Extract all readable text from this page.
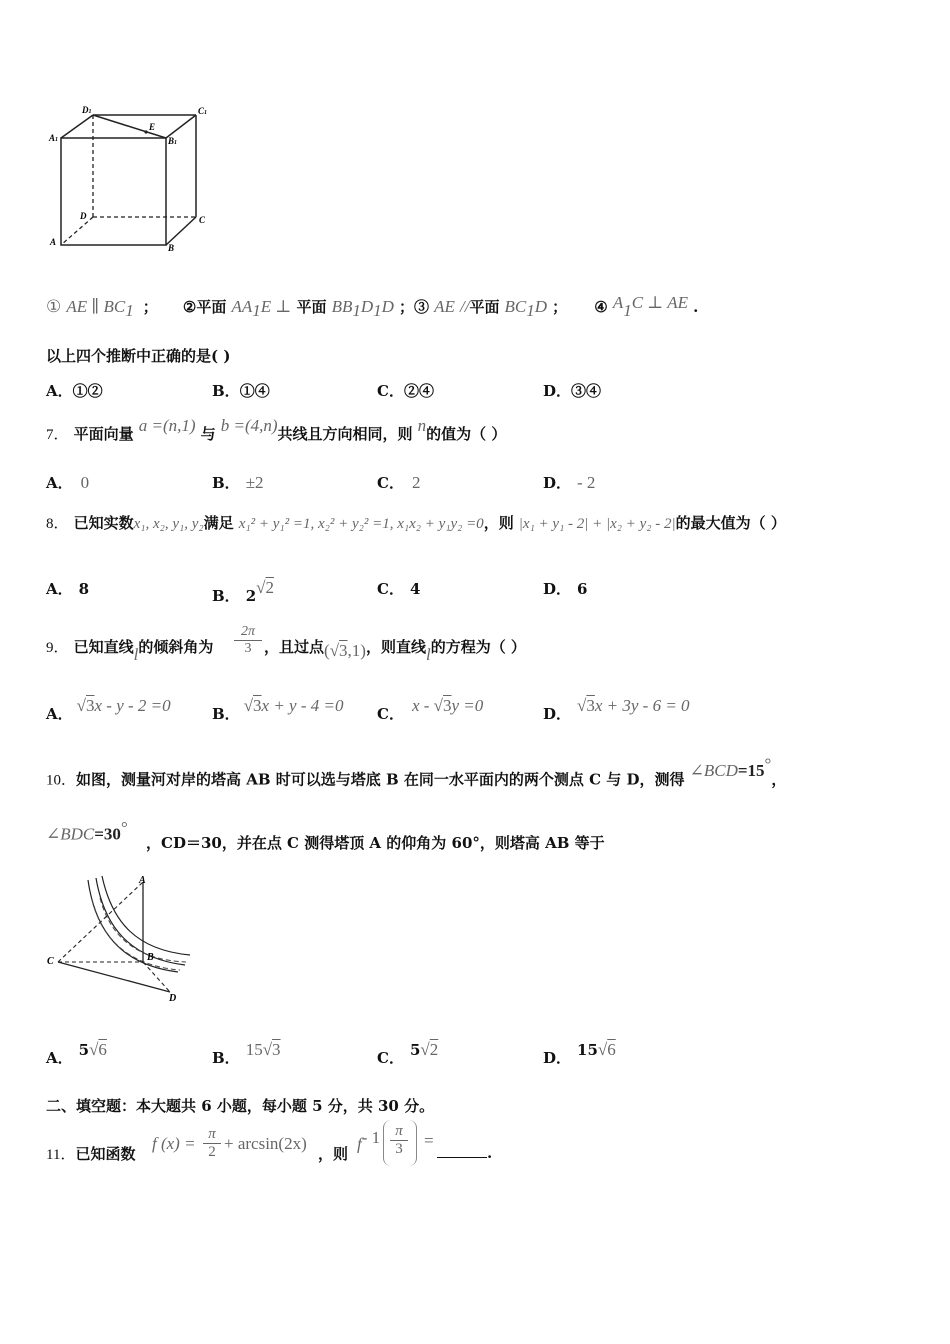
D1	C1
A1	B1
E
D	C
A
B
① AE ∥ $BC_1$ ； ②平面 $AA_1E$ ⊥ 平面 $BB_1D_1D$ ；③ AE //平面 $BC_1D$ ； ④ $A_1C$ ⊥ AE .
以上四个推断中正确的是( )
A．①②	B．①④	C．②④	D．③④
7． 平面向量 a =(n,1) 与 b =(4,n)共线且方向相同，则 n的值为（ ）
A． 0	B． ±2	C． 2	D． - 2
8． 已知实数x₁, x₂, y₁, y₂满足 x₁² + y₁² =1, x₂² + y₂² =1, x₁x₂ + y₁y₂ =0，则 |x₁ + y₁ - 2| + |x₂ + y₂ - 2|的最大值为（ ）
A． 8	B． 2√2	C． 4	D． 6
9． 已知直线l的倾斜角为 $\frac{2\pi}{3}$ ，且过点(√3,1)，则直线l的方程为（ ）
A． √3x - y - 2 =0	B． √3x + y - 4 =0 C． x - √3y =0	D． √3x + 3y - 6 = 0
10．如图，测量河对岸的塔高 AB 时可以选与塔底 B 在同一水平面内的两个测点 C 与 D，测得 ∠BCD=15°，
∠BDC=30°
，CD＝30，并在点 C 测得塔顶 A 的仰角为 60°，则塔高 AB 等于
A
B
C
D
A． 5√6	B． 15√3	C． 5√2	D． 15√6
二、填空题：本大题共 6 小题，每小题 5 分，共 30 分。
11．已知函数
f $(x) = \frac{\pi}{2} + \arcsin(2x)$
，则
$f^{- 1} \frac{\pi}{3}$ =
.
